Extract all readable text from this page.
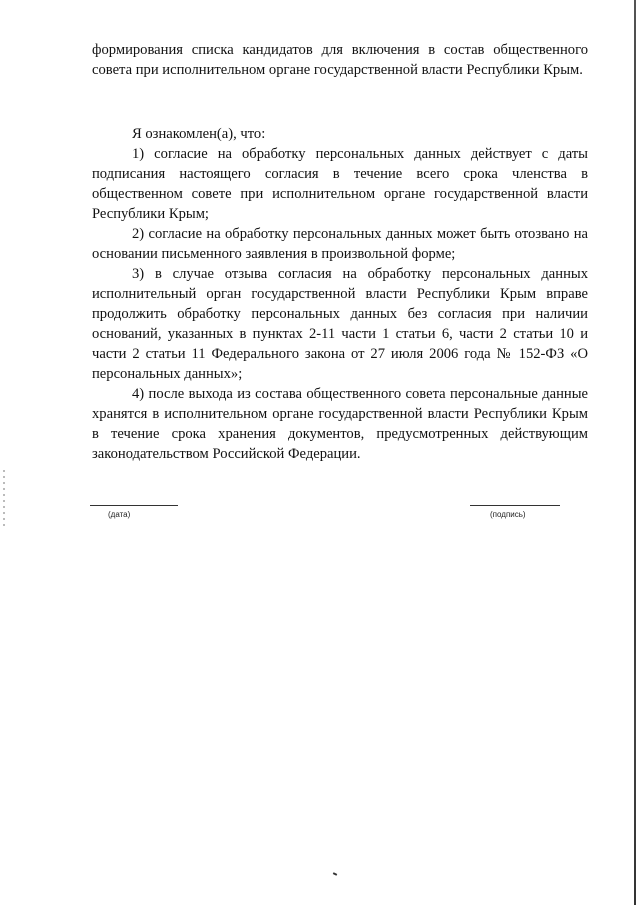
формирования списка кандидатов для включения в состав общественного совета при исполнительном органе государственной власти Республики Крым.

Я ознакомлен(а), что:

1) согласие на обработку персональных данных действует с даты подписания настоящего согласия в течение всего срока членства в общественном совете при исполнительном органе государственной власти Республики Крым;

2) согласие на обработку персональных данных может быть отозвано на основании письменного заявления в произвольной форме;

3) в случае отзыва согласия на обработку персональных данных исполнительный орган государственной власти Республики Крым вправе продолжить обработку персональных данных без согласия при наличии оснований, указанных в пунктах 2-11 части 1 статьи 6, части 2 статьи 10 и части 2 статьи 11 Федерального закона от 27 июля 2006 года № 152-ФЗ «О персональных данных»;

4) после выхода из состава общественного совета персональные данные хранятся в исполнительном органе государственной власти Республики Крым в течение срока хранения документов, предусмотренных действующим законодательством Российской Федерации.

(дата)	(подпись)
